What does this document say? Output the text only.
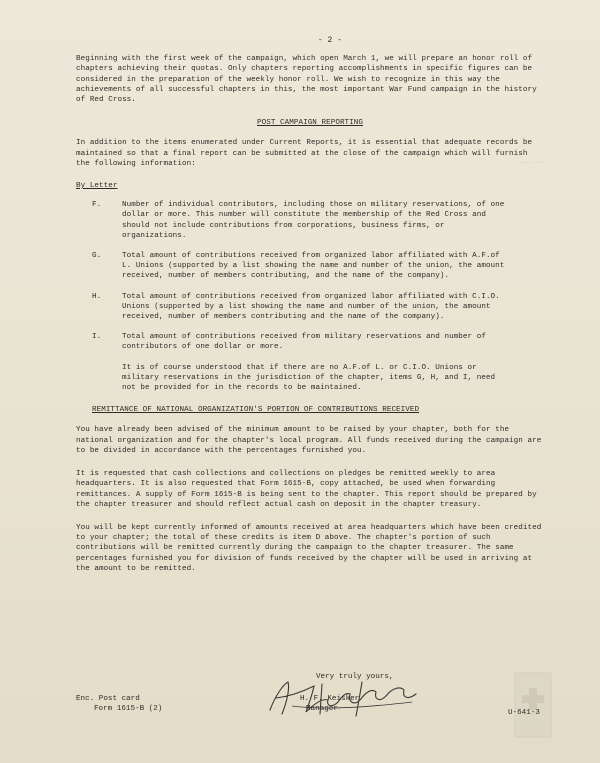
─── ──
- 2 -

Beginning with the first week of the campaign, which open March 1, we will prepare an honor roll of chapters achieving their quotas. Only chapters reporting accomplishments in specific figures can be considered in the preparation of the weekly honor roll. We wish to recognize in this way the achievements of all successful chapters in this, the most important War Fund campaign in the history of Red Cross.

POST CAMPAIGN REPORTING

In addition to the items enumerated under Current Reports, it is essential that adequate records be maintained so that a final report can be submitted at the close of the campaign which will furnish the following information:

By Letter
F.	Number of individual contributors, including those on military reservations, of one dollar or more. This number will constitute the membership of the Red Cross and should not include contributions from corporations, business firms, or organizations.
G.	Total amount of contributions received from organized labor affiliated with A.F.of L. Unions (supported by a list showing the name and number of the union, the amount received, number of members contributing, and the name of the company).
H.	Total amount of contributions received from organized labor affiliated with C.I.O. Unions (supported by a list showing the name and number of the union, the amount received, number of members contributing and the name of the company).
I.	Total amount of contributions received from military reservations and number of contributors of one dollar or more.

It is of course understood that if there are no A.F.of L. or C.I.O. Unions or military reservations in the jurisdiction of the chapter, items G, H, and I, need not be provided for in the records to be maintained.

REMITTANCE OF NATIONAL ORGANIZATION'S PORTION OF CONTRIBUTIONS RECEIVED

You have already been advised of the minimum amount to be raised by your chapter, both for the national organization and for the chapter's local program. All funds received during the campaign are to be divided in accordance with the percentages furnished you.

It is requested that cash collections and collections on pledges be remitted weekly to area headquarters. It is also requested that Form 1615-B, copy attached, be used when forwarding remittances. A supply of Form 1615-B is being sent to the chapter. This report should be prepared by the chapter treasurer and should reflect actual cash on deposit in the chapter treasury.

You will be kept currently informed of amounts received at area headquarters which have been credited to your chapter; the total of these credits is item D above. The chapter's portion of such contributions will be remitted currently during the campaign to the chapter treasurer. The same percentages furnished you for division of funds received by the chapter will be used in arriving at the amount to be remitted.

Very truly yours,
Enc. Post card
Form 1615-B (2)
H. F. Keisker
Manager	U-641-3
